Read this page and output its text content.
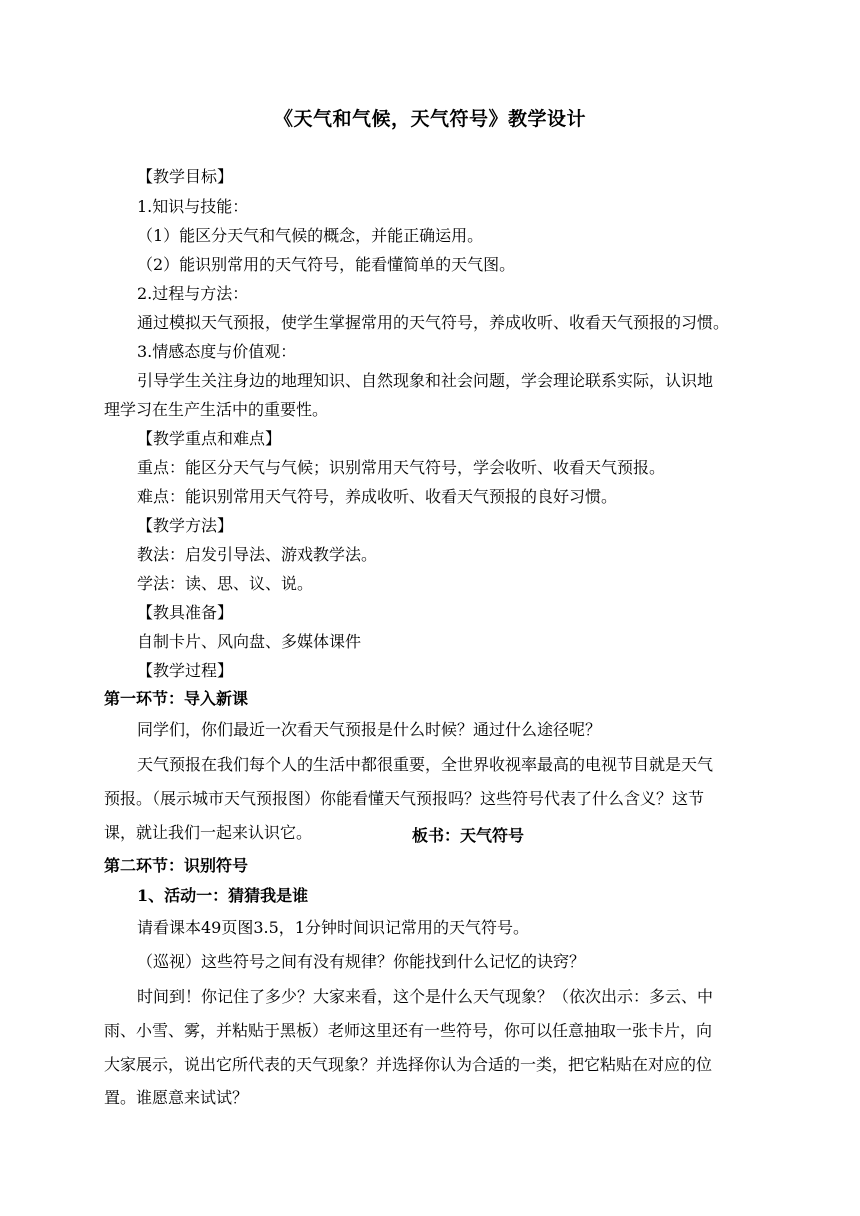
《天气和气候，天气符号》教学设计
【教学目标】
1.知识与技能：
（1）能区分天气和气候的概念，并能正确运用。
（2）能识别常用的天气符号，能看懂简单的天气图。
2.过程与方法：
通过模拟天气预报，使学生掌握常用的天气符号，养成收听、收看天气预报的习惯。
3.情感态度与价值观：
引导学生关注身边的地理知识、自然现象和社会问题，学会理论联系实际，认识地
理学习在生产生活中的重要性。
【教学重点和难点】
重点：能区分天气与气候；识别常用天气符号，学会收听、收看天气预报。
难点：能识别常用天气符号，养成收听、收看天气预报的良好习惯。
【教学方法】
教法：启发引导法、游戏教学法。
学法：读、思、议、说。
【教具准备】
自制卡片、风向盘、多媒体课件
【教学过程】
第一环节：导入新课
同学们，你们最近一次看天气预报是什么时候？通过什么途径呢？
天气预报在我们每个人的生活中都很重要，全世界收视率最高的电视节目就是天气
预报。（展示城市天气预报图）你能看懂天气预报吗？这些符号代表了什么含义？这节
课，就让我们一起来认识它。	板书：天气符号
第二环节：识别符号
1、活动一：猜猜我是谁
请看课本49页图3.5，1分钟时间识记常用的天气符号。
（巡视）这些符号之间有没有规律？你能找到什么记忆的诀窍？
时间到！你记住了多少？大家来看，这个是什么天气现象？（依次出示：多云、中
雨、小雪、雾，并粘贴于黑板）老师这里还有一些符号，你可以任意抽取一张卡片，向
大家展示，说出它所代表的天气现象？并选择你认为合适的一类，把它粘贴在对应的位
置。谁愿意来试试？
